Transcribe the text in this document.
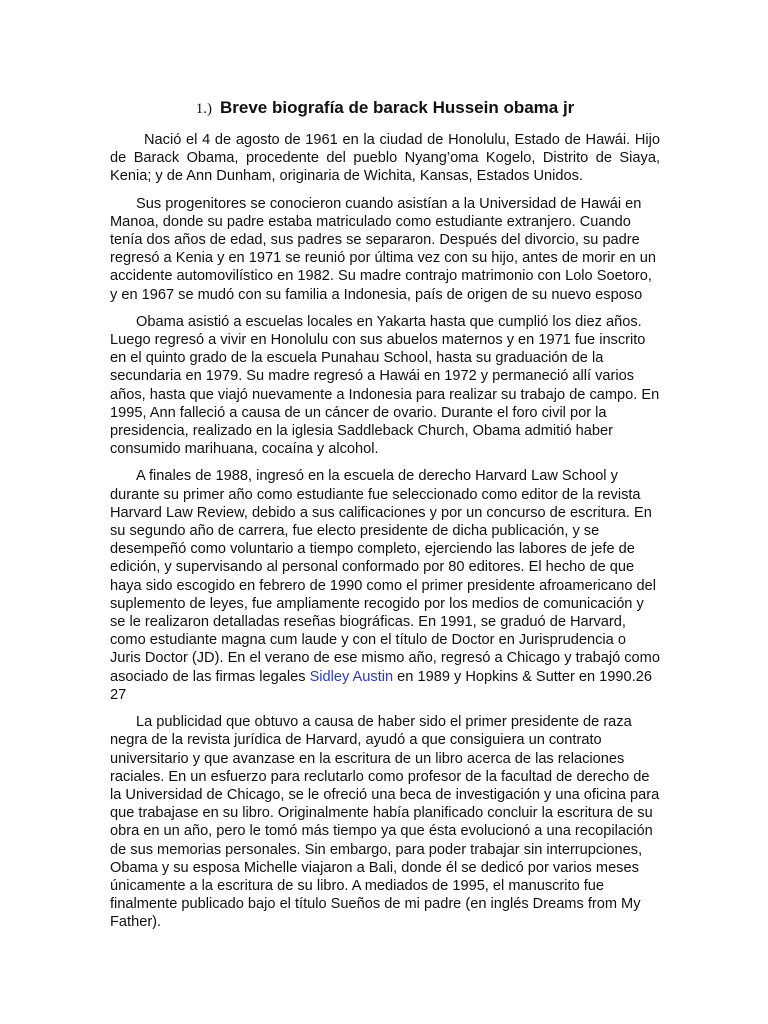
1.) Breve biografía de barack Hussein obama jr

Nació el 4 de agosto de 1961 en la ciudad de Honolulu, Estado de Hawái. Hijo de Barack Obama, procedente del pueblo Nyang’oma Kogelo, Distrito de Siaya, Kenia; y de Ann Dunham, originaria de Wichita, Kansas, Estados Unidos.

Sus progenitores se conocieron cuando asistían a la Universidad de Hawái en Manoa, donde su padre estaba matriculado como estudiante extranjero. Cuando tenía dos años de edad, sus padres se separaron. Después del divorcio, su padre regresó a Kenia y en 1971 se reunió por última vez con su hijo, antes de morir en un accidente automovilístico en 1982. Su madre contrajo matrimonio con Lolo Soetoro, y en 1967 se mudó con su familia a Indonesia, país de origen de su nuevo esposo

Obama asistió a escuelas locales en Yakarta hasta que cumplió los diez años. Luego regresó a vivir en Honolulu con sus abuelos maternos y en 1971 fue inscrito en el quinto grado de la escuela Punahau School, hasta su graduación de la secundaria en 1979. Su madre regresó a Hawái en 1972 y permaneció allí varios años, hasta que viajó nuevamente a Indonesia para realizar su trabajo de campo. En 1995, Ann falleció a causa de un cáncer de ovario. Durante el foro civil por la presidencia, realizado en la iglesia Saddleback Church, Obama admitió haber consumido marihuana, cocaína y alcohol.

A finales de 1988, ingresó en la escuela de derecho Harvard Law School y durante su primer año como estudiante fue seleccionado como editor de la revista Harvard Law Review, debido a sus calificaciones y por un concurso de escritura. En su segundo año de carrera, fue electo presidente de dicha publicación, y se desempeñó como voluntario a tiempo completo, ejerciendo las labores de jefe de edición, y supervisando al personal conformado por 80 editores. El hecho de que haya sido escogido en febrero de 1990 como el primer presidente afroamericano del suplemento de leyes, fue ampliamente recogido por los medios de comunicación y se le realizaron detalladas reseñas biográficas. En 1991, se graduó de Harvard, como estudiante magna cum laude y con el título de Doctor en Jurisprudencia o Juris Doctor (JD). En el verano de ese mismo año, regresó a Chicago y trabajó como asociado de las firmas legales Sidley Austin en 1989 y Hopkins & Sutter en 1990.26 27

La publicidad que obtuvo a causa de haber sido el primer presidente de raza negra de la revista jurídica de Harvard, ayudó a que consiguiera un contrato universitario y que avanzase en la escritura de un libro acerca de las relaciones raciales. En un esfuerzo para reclutarlo como profesor de la facultad de derecho de la Universidad de Chicago, se le ofreció una beca de investigación y una oficina para que trabajase en su libro. Originalmente había planificado concluir la escritura de su obra en un año, pero le tomó más tiempo ya que ésta evolucionó a una recopilación de sus memorias personales. Sin embargo, para poder trabajar sin interrupciones, Obama y su esposa Michelle viajaron a Bali, donde él se dedicó por varios meses únicamente a la escritura de su libro. A mediados de 1995, el manuscrito fue finalmente publicado bajo el título Sueños de mi padre (en inglés Dreams from My Father).
